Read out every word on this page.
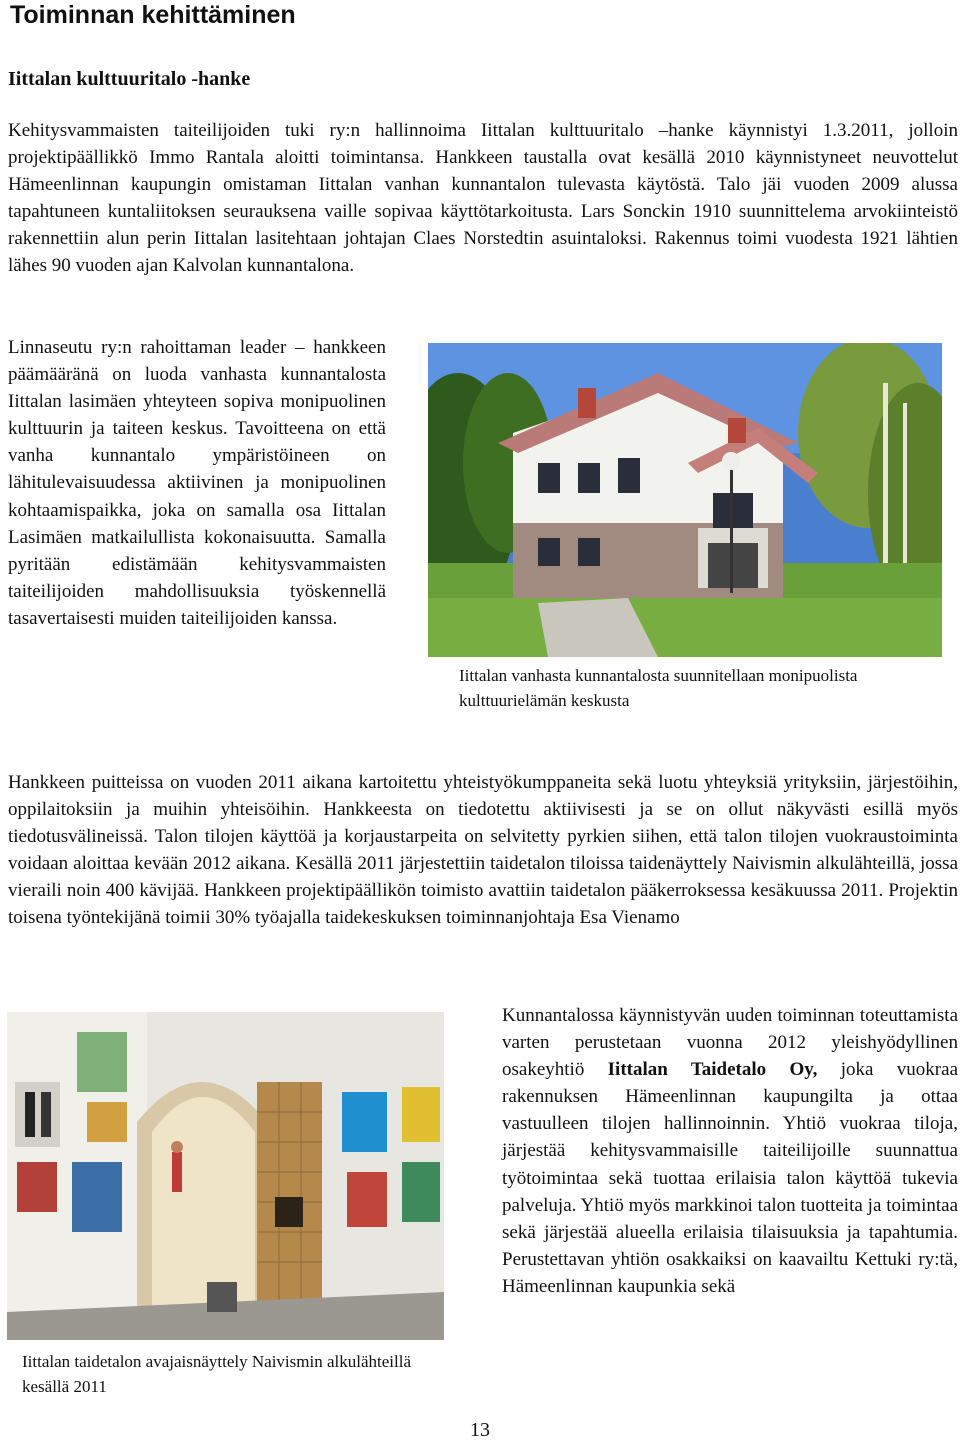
Toiminnan kehittäminen
Iittalan kulttuuritalo -hanke

Kehitysvammaisten taiteilijoiden tuki ry:n hallinnoima Iittalan kulttuuritalo –hanke käynnistyi 1.3.2011, jolloin projektipäällikkö Immo Rantala aloitti toimintansa. Hankkeen taustalla ovat kesällä 2010 käynnistyneet neuvottelut Hämeenlinnan kaupungin omistaman Iittalan vanhan kunnantalon tulevasta käytöstä. Talo jäi vuoden 2009 alussa tapahtuneen kuntaliitoksen seurauksena vaille sopivaa käyttötarkoitusta. Lars Sonckin 1910 suunnittelema arvokiinteistö rakennettiin alun perin Iittalan lasitehtaan johtajan Claes Norstedtin asuintaloksi. Rakennus toimi vuodesta 1921 lähtien lähes 90 vuoden ajan Kalvolan kunnantalona.

Linnaseutu ry:n rahoittaman leader – hankkeen päämääränä on luoda vanhasta kunnantalosta Iittalan lasimäen yhteyteen sopiva monipuolinen kulttuurin ja taiteen keskus. Tavoitteena on että vanha kunnantalo ympäristöineen on lähitulevaisuudessa aktiivinen ja monipuolinen kohtaamispaikka, joka on samalla osa Iittalan Lasimäen matkailullista kokonaisuutta. Samalla pyritään edistämään kehitysvammaisten taiteilijoiden mahdollisuuksia työskennellä tasavertaisesti muiden taiteilijoiden kanssa.

Iittalan vanhasta kunnantalosta suunnitellaan monipuolista kulttuurielämän keskusta

Hankkeen puitteissa on vuoden 2011 aikana kartoitettu yhteistyökumppaneita sekä luotu yhteyksiä yrityksiin, järjestöihin, oppilaitoksiin ja muihin yhteisöihin. Hankkeesta on tiedotettu aktiivisesti ja se on ollut näkyvästi esillä myös tiedotusvälineissä. Talon tilojen käyttöä ja korjaustarpeita on selvitetty pyrkien siihen, että talon tilojen vuokraustoiminta voidaan aloittaa kevään 2012 aikana. Kesällä 2011 järjestettiin taidetalon tiloissa taidenäyttely Naivismin alkulähteillä, jossa vieraili noin 400 kävijää. Hankkeen projektipäällikön toimisto avattiin taidetalon pääkerroksessa kesäkuussa 2011. Projektin toisena työntekijänä toimii 30% työajalla taidekeskuksen toiminnanjohtaja Esa Vienamo

Iittalan taidetalon avajaisnäyttely Naivismin alkulähteillä kesällä 2011

Kunnantalossa käynnistyvän uuden toiminnan toteuttamista varten perustetaan vuonna 2012 yleishyödyllinen osakeyhtiö Iittalan Taidetalo Oy, joka vuokraa rakennuksen Hämeenlinnan kaupungilta ja ottaa vastuulleen tilojen hallinnoinnin. Yhtiö vuokraa tiloja, järjestää kehitysvammaisille taiteilijoille suunnattua työtoimintaa sekä tuottaa erilaisia talon käyttöä tukevia palveluja. Yhtiö myös markkinoi talon tuotteita ja toimintaa sekä järjestää alueella erilaisia tilaisuuksia ja tapahtumia. Perustettavan yhtiön osakkaiksi on kaavailtu Kettuki ry:tä, Hämeenlinnan kaupunkia sekä

13
